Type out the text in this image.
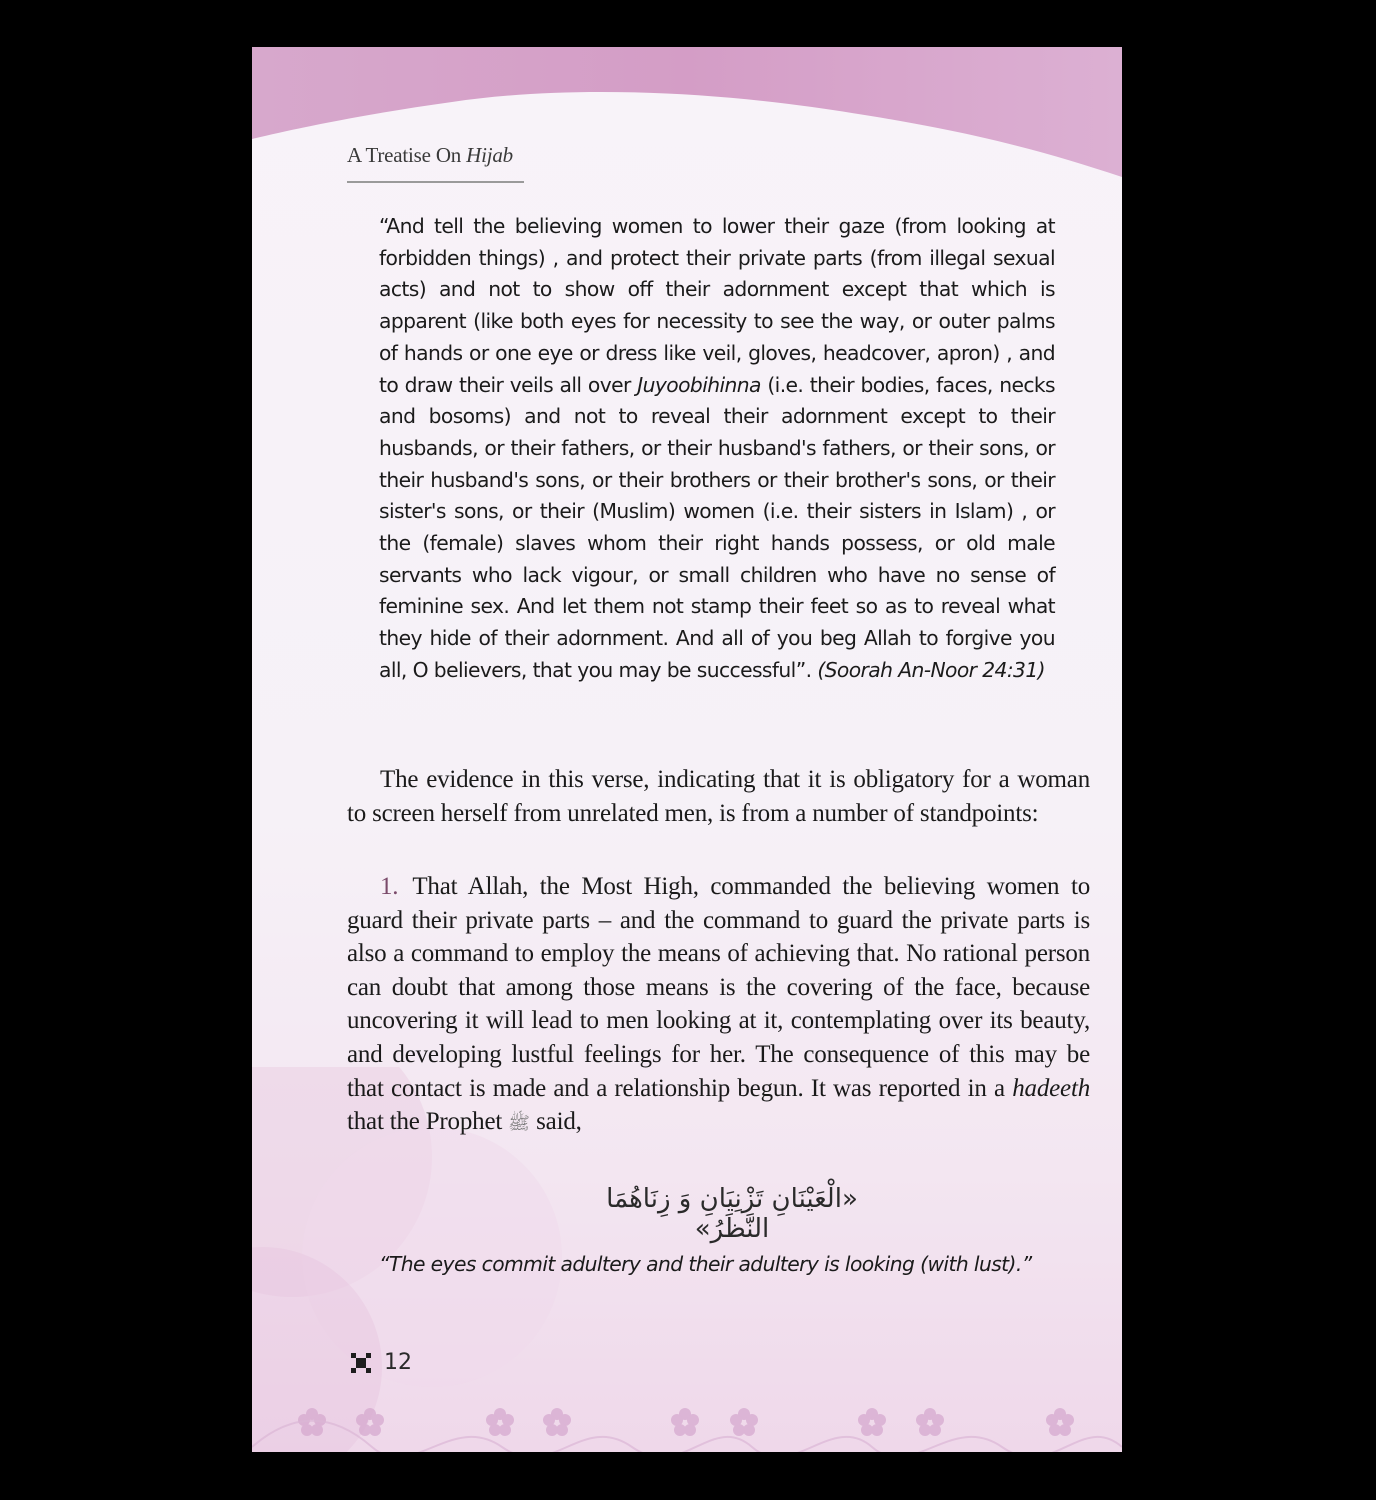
A Treatise On Hijab
“And tell the believing women to lower their gaze (from looking at forbidden things) , and protect their private parts (from illegal sexual acts) and not to show off their adornment except that which is apparent (like both eyes for necessity to see the way, or outer palms of hands or one eye or dress like veil, gloves, headcover, apron) , and to draw their veils all over Juyoobihinna (i.e. their bodies, faces, necks and bosoms) and not to reveal their adornment except to their husbands, or their fathers, or their husband's fathers, or their sons, or their husband's sons, or their brothers or their brother's sons, or their sister's sons, or their (Muslim) women (i.e. their sisters in Islam) , or the (female) slaves whom their right hands possess, or old male servants who lack vigour, or small children who have no sense of feminine sex. And let them not stamp their feet so as to reveal what they hide of their adornment. And all of you beg Allah to forgive you all, O believers, that you may be successful”. (Soorah An-Noor 24:31)
The evidence in this verse, indicating that it is obligatory for a woman to screen herself from unrelated men, is from a number of standpoints:
1. That Allah, the Most High, commanded the believing women to guard their private parts – and the command to guard the private parts is also a command to employ the means of achieving that. No rational person can doubt that among those means is the covering of the face, because uncovering it will lead to men looking at it, contemplating over its beauty, and developing lustful feelings for her. The consequence of this may be that contact is made and a relationship begun. It was reported in a hadeeth that the Prophet ﷺ said,
«الْعَيْنَانِ تَزْنِيَانِ وَ زِنَاهُمَا النَّظَرُ»
“The eyes commit adultery and their adultery is looking (with lust).”
12
